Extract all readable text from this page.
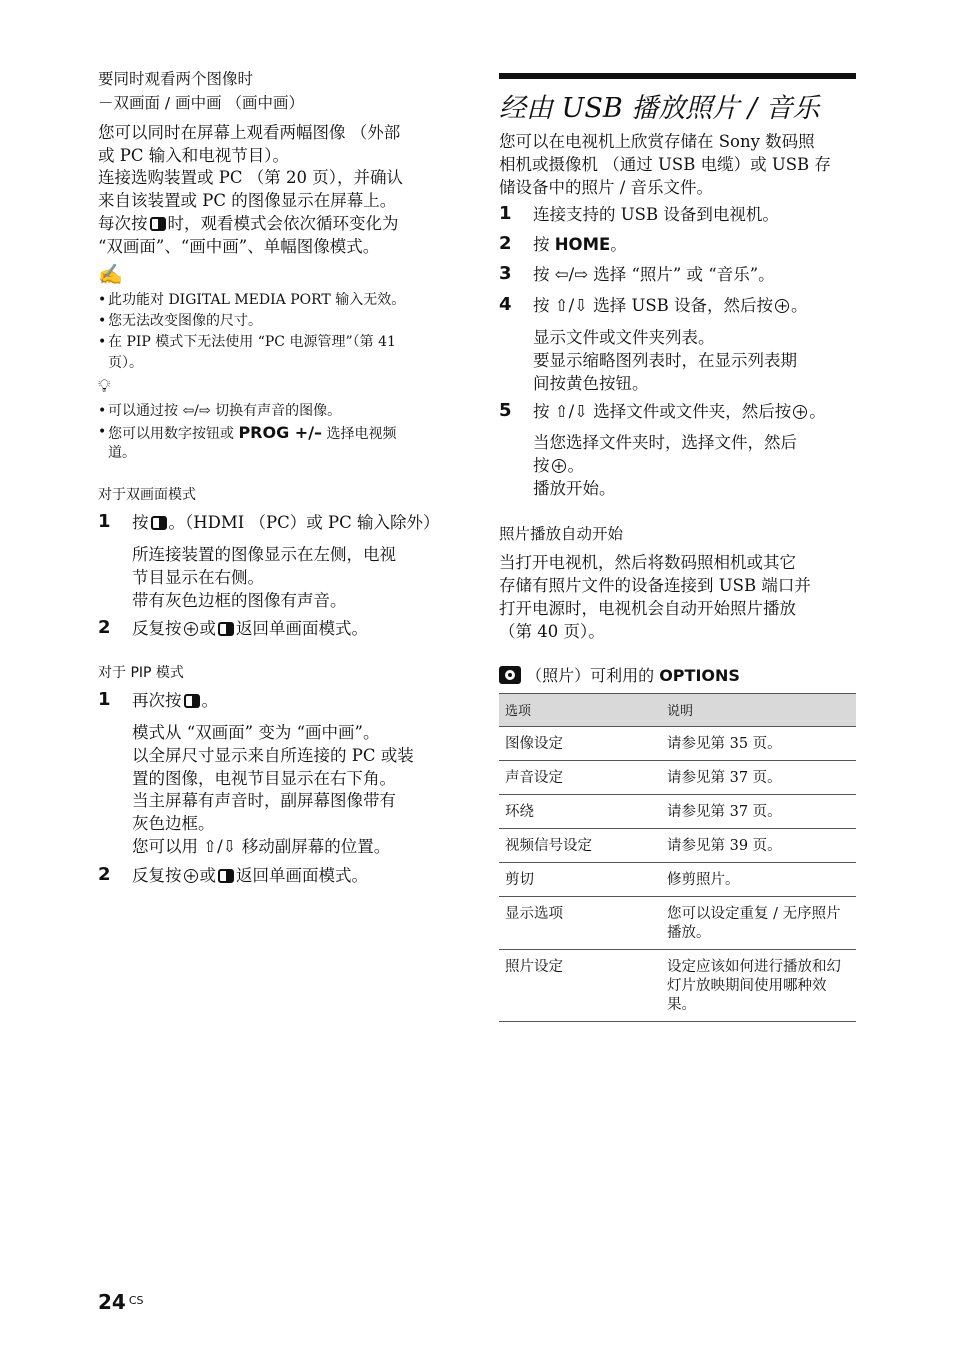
要同时观看两个图像时
－双画面 / 画中画 （画中画）
您可以同时在屏幕上观看两幅图像 （外部
或 PC 输入和电视节目）。
连接选购装置或 PC （第 20 页），并确认
来自该装置或 PC 的图像显示在屏幕上。
每次按 时，观看模式会依次循环变化为
“双画面”、“画中画”、单幅图像模式。
✍
• 此功能对 DIGITAL MEDIA PORT 输入无效。
• 您无法改变图像的尺寸。
• 在 PIP 模式下无法使用 “PC 电源管理”（第 41
页）。
💡︎
• 可以通过按 ⇦/⇨ 切换有声音的图像。
• 您可以用数字按钮或 PROG +/– 选择电视频
道。
对于双画面模式
1 按 。（HDMI （PC）或 PC 输入除外）
所连接装置的图像显示在左侧，电视
节目显示在右侧。
带有灰色边框的图像有声音。
2 反复按 + 或 返回单画面模式。
对于 PIP 模式
1 再次按 。
模式从 “双画面” 变为 “画中画”。
以全屏尺寸显示来自所连接的 PC 或装
置的图像，电视节目显示在右下角。
当主屏幕有声音时，副屏幕图像带有
灰色边框。
您可以用 ⇧/⇩ 移动副屏幕的位置。
2 反复按 + 或 返回单画面模式。
经由 USB 播放照片 / 音乐
您可以在电视机上欣赏存储在 Sony 数码照
相机或摄像机 （通过 USB 电缆）或 USB 存
储设备中的照片 / 音乐文件。
1 连接支持的 USB 设备到电视机。
2 按 HOME。
3 按 ⇦/⇨ 选择 “照片” 或 “音乐”。
4 按 ⇧/⇩ 选择 USB 设备，然后按 + 。
显示文件或文件夹列表。
要显示缩略图列表时，在显示列表期
间按黄色按钮。
5 按 ⇧/⇩ 选择文件或文件夹，然后按 + 。
当您选择文件夹时，选择文件，然后
按 + 。
播放开始。
照片播放自动开始
当打开电视机，然后将数码照相机或其它
存储有照片文件的设备连接到 USB 端口并
打开电源时，电视机会自动开始照片播放
（第 40 页）。
（照片）可利用的 OPTIONS
选项	说明
图像设定	请参见第 35 页。
声音设定	请参见第 37 页。
环绕	请参见第 37 页。
视频信号设定	请参见第 39 页。
剪切	修剪照片。
显示选项	您可以设定重复 / 无序照片播放。
照片设定	设定应该如何进行播放和幻灯片放映期间使用哪种效果。
24 $^{CS}$
